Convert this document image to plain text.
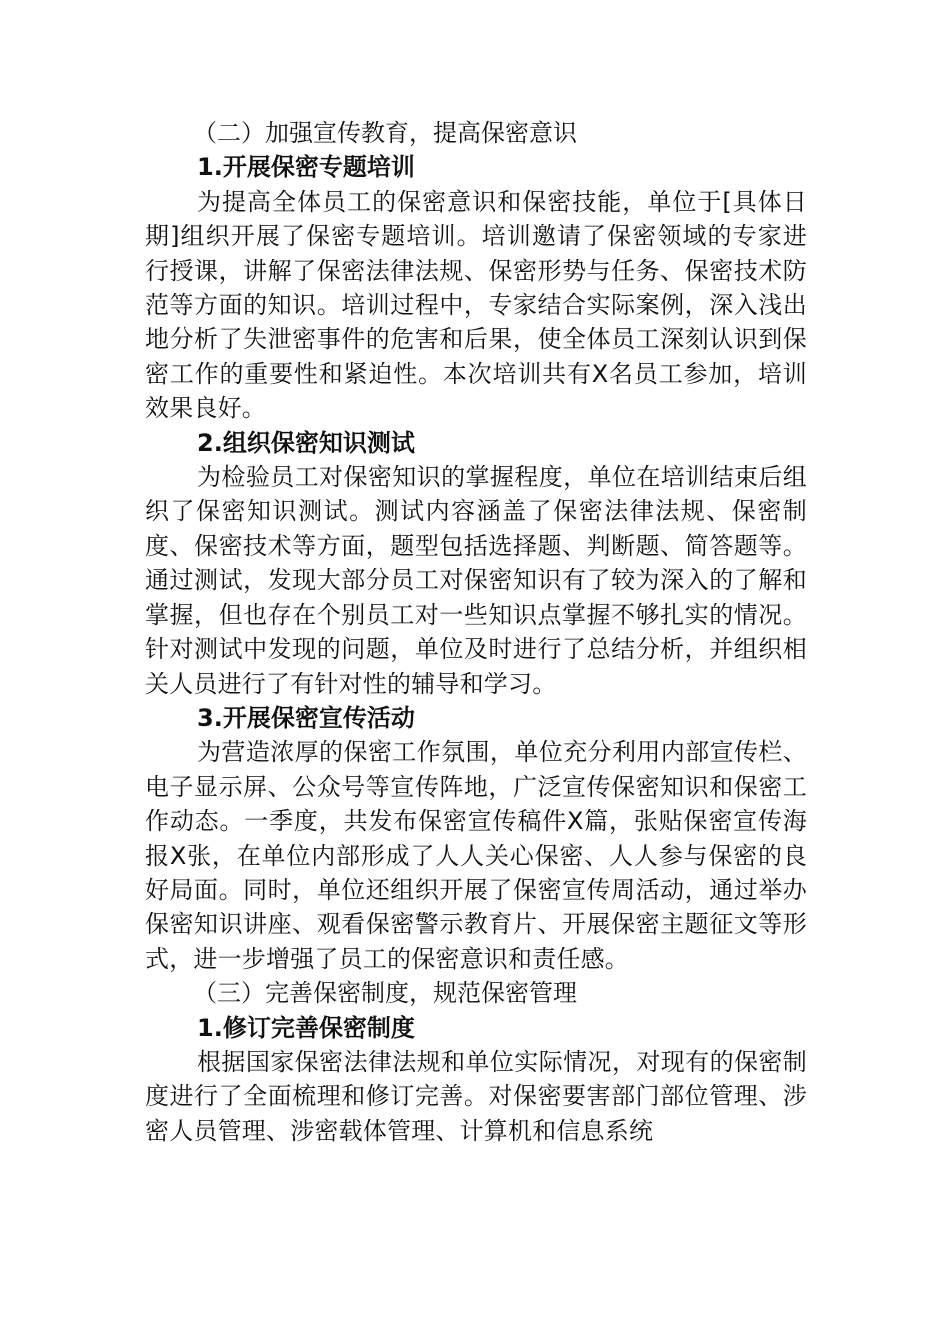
（二）加强宣传教育，提高保密意识

1.开展保密专题培训

为提高全体员工的保密意识和保密技能，单位于[具体日期]组织开展了保密专题培训。培训邀请了保密领域的专家进行授课，讲解了保密法律法规、保密形势与任务、保密技术防范等方面的知识。培训过程中，专家结合实际案例，深入浅出地分析了失泄密事件的危害和后果，使全体员工深刻认识到保密工作的重要性和紧迫性。本次培训共有X名员工参加，培训效果良好。

2.组织保密知识测试

为检验员工对保密知识的掌握程度，单位在培训结束后组织了保密知识测试。测试内容涵盖了保密法律法规、保密制度、保密技术等方面，题型包括选择题、判断题、简答题等。通过测试，发现大部分员工对保密知识有了较为深入的了解和掌握，但也存在个别员工对一些知识点掌握不够扎实的情况。针对测试中发现的问题，单位及时进行了总结分析，并组织相关人员进行了有针对性的辅导和学习。

3.开展保密宣传活动

为营造浓厚的保密工作氛围，单位充分利用内部宣传栏、电子显示屏、公众号等宣传阵地，广泛宣传保密知识和保密工作动态。一季度，共发布保密宣传稿件X篇，张贴保密宣传海报X张，在单位内部形成了人人关心保密、人人参与保密的良好局面。同时，单位还组织开展了保密宣传周活动，通过举办保密知识讲座、观看保密警示教育片、开展保密主题征文等形式，进一步增强了员工的保密意识和责任感。

（三）完善保密制度，规范保密管理

1.修订完善保密制度

根据国家保密法律法规和单位实际情况，对现有的保密制度进行了全面梳理和修订完善。对保密要害部门部位管理、涉密人员管理、涉密载体管理、计算机和信息系统
